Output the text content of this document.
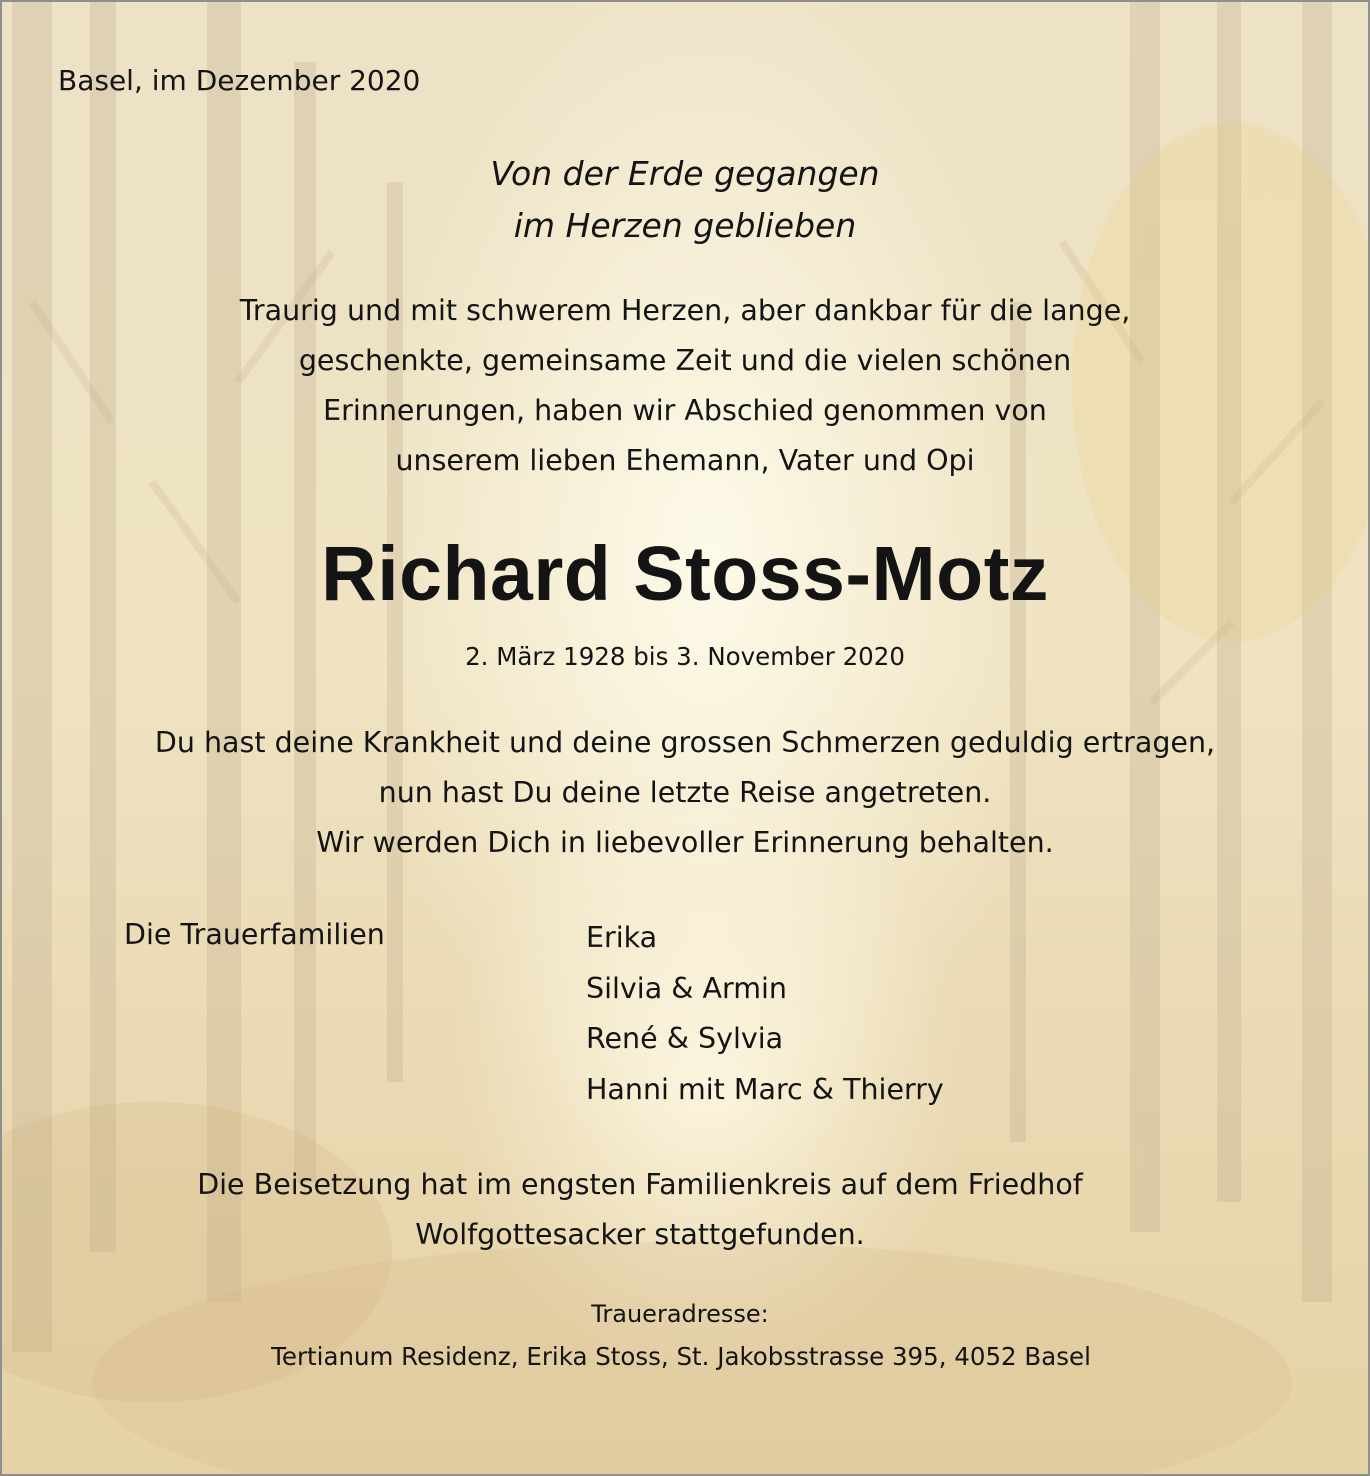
Basel, im Dezember 2020

Von der Erde gegangen
im Herzen geblieben
Traurig und mit schwerem Herzen, aber dankbar für die lange,
geschenkte, gemeinsame Zeit und die vielen schönen
Erinnerungen, haben wir Abschied genommen von
unserem lieben Ehemann, Vater und Opi
Richard Stoss-Motz

2. März 1928 bis 3. November 2020

Du hast deine Krankheit und deine grossen Schmerzen geduldig ertragen,
nun hast Du deine letzte Reise angetreten.
Wir werden Dich in liebevoller Erinnerung behalten.

Die Trauerfamilien	Erika
Silvia & Armin
René & Sylvia
Hanni mit Marc & Thierry
Die Beisetzung hat im engsten Familienkreis auf dem Friedhof
Wolfgottesacker stattgefunden.

Traueradresse:

Tertianum Residenz, Erika Stoss, St. Jakobsstrasse 395, 4052 Basel
